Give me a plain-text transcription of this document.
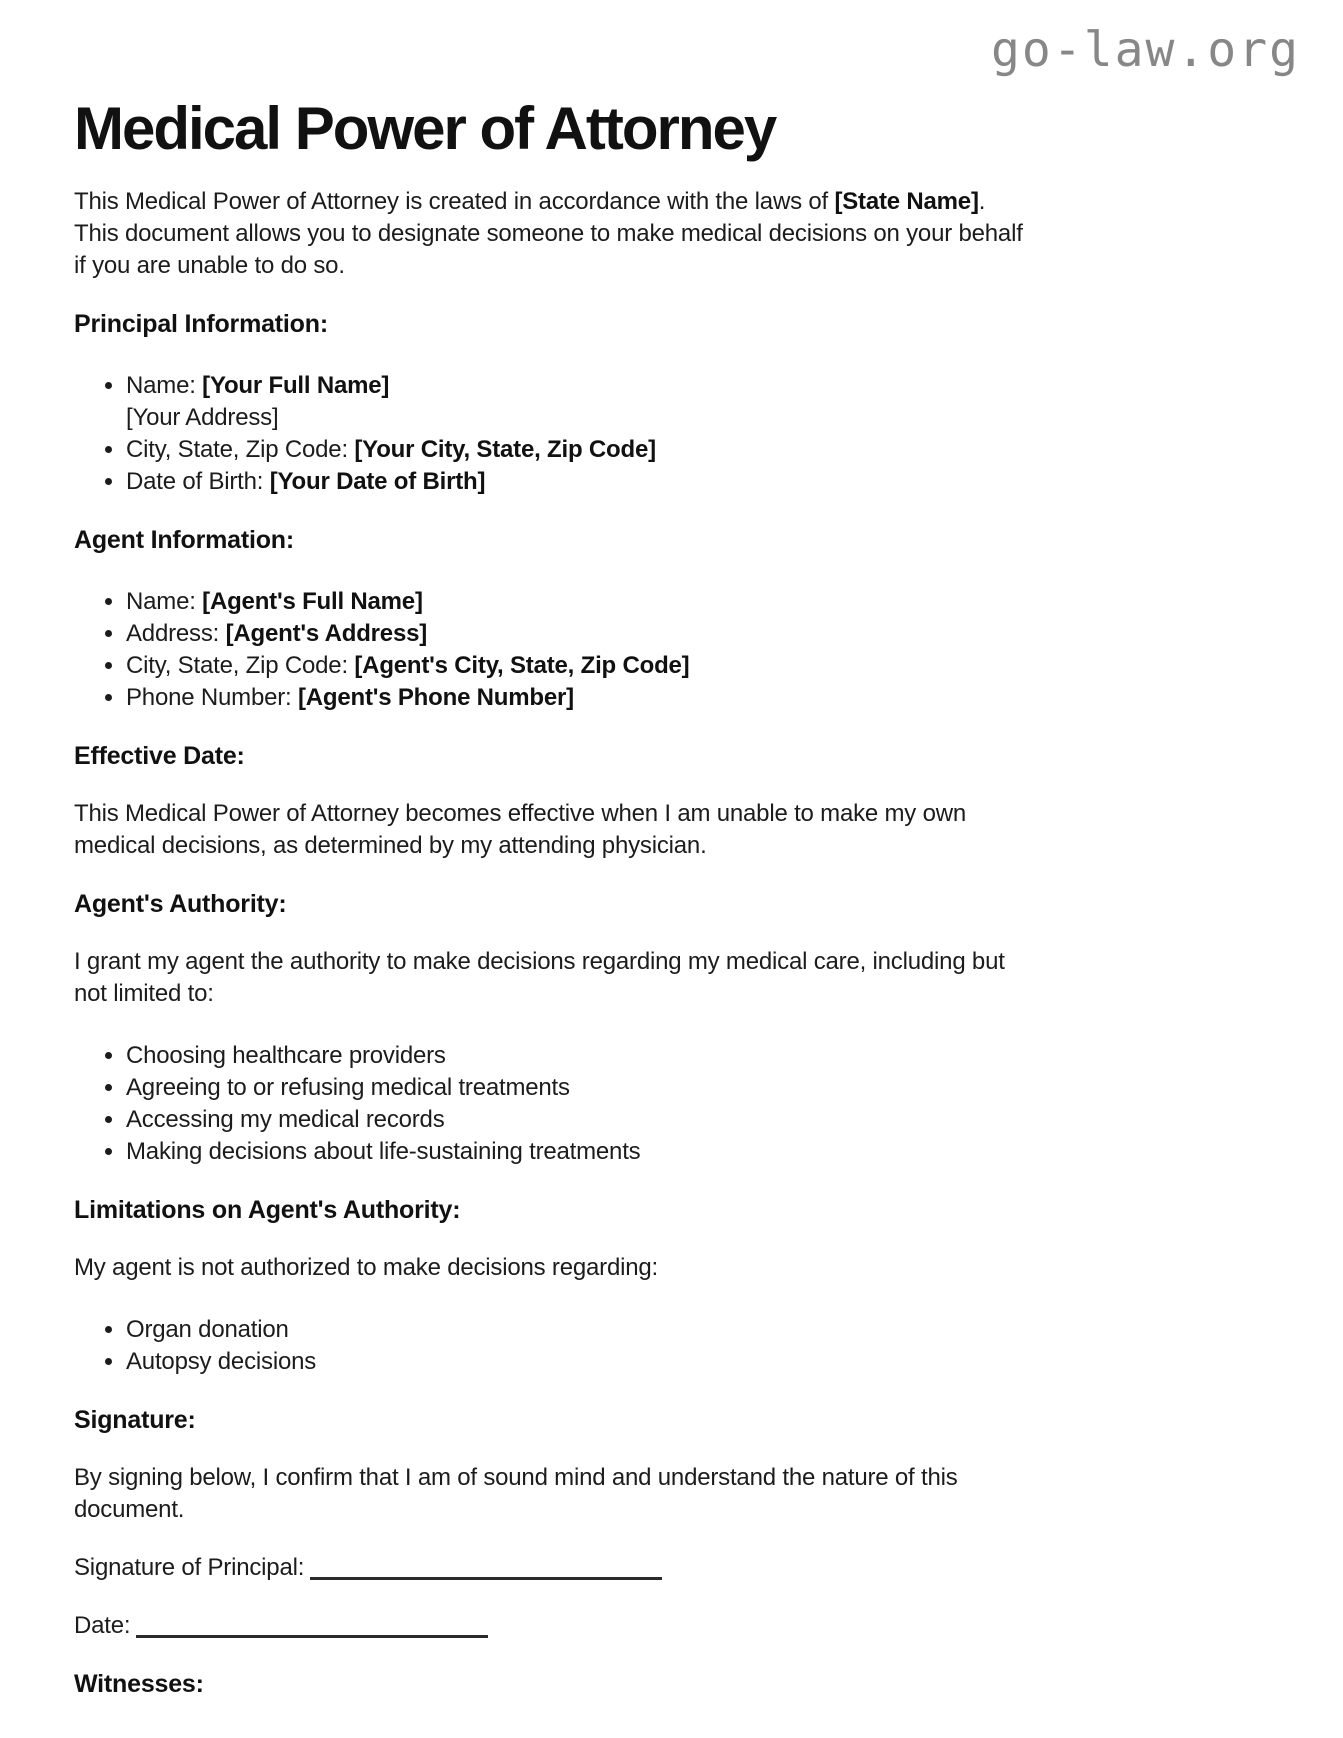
go-law.org
Medical Power of Attorney

This Medical Power of Attorney is created in accordance with the laws of [State Name].
This document allows you to designate someone to make medical decisions on your behalf
if you are unable to do so.

Principal Information:
• Name: [Your Full Name]
[Your Address]
• City, State, Zip Code: [Your City, State, Zip Code]
• Date of Birth: [Your Date of Birth]
Agent Information:
• Name: [Agent's Full Name]
• Address: [Agent's Address]
• City, State, Zip Code: [Agent's City, State, Zip Code]
• Phone Number: [Agent's Phone Number]
Effective Date:

This Medical Power of Attorney becomes effective when I am unable to make my own
medical decisions, as determined by my attending physician.

Agent's Authority:

I grant my agent the authority to make decisions regarding my medical care, including but
not limited to:

• Choosing healthcare providers
• Agreeing to or refusing medical treatments
• Accessing my medical records
• Making decisions about life-sustaining treatments
Limitations on Agent's Authority:

My agent is not authorized to make decisions regarding:

• Organ donation
• Autopsy decisions
Signature:

By signing below, I confirm that I am of sound mind and understand the nature of this
document.

Signature of Principal:

Date:

Witnesses:
